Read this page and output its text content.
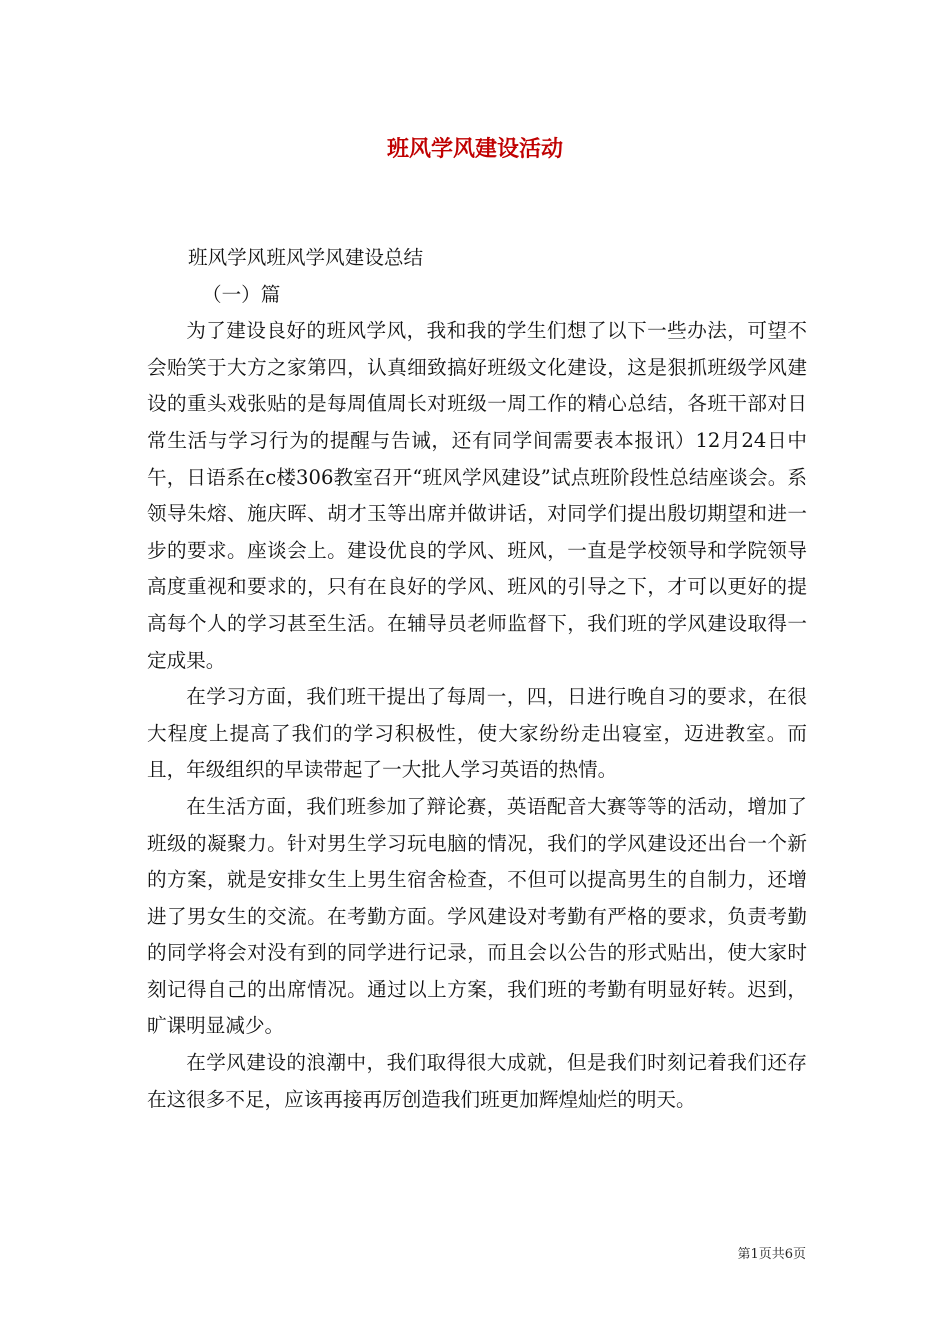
班风学风建设活动

班风学风班风学风建设总结

（一）篇

为了建设良好的班风学风，我和我的学生们想了以下一些办法，可望不会贻笑于大方之家第四，认真细致搞好班级文化建设，这是狠抓班级学风建设的重头戏张贴的是每周值周长对班级一周工作的精心总结，各班干部对日常生活与学习行为的提醒与告诫，还有同学间需要表本报讯）12月24日中午，日语系在c楼306教室召开“班风学风建设”试点班阶段性总结座谈会。系领导朱熔、施庆晖、胡才玉等出席并做讲话，对同学们提出殷切期望和进一步的要求。座谈会上。建设优良的学风、班风，一直是学校领导和学院领导高度重视和要求的，只有在良好的学风、班风的引导之下，才可以更好的提高每个人的学习甚至生活。在辅导员老师监督下，我们班的学风建设取得一定成果。

在学习方面，我们班干提出了每周一，四，日进行晚自习的要求，在很大程度上提高了我们的学习积极性，使大家纷纷走出寝室，迈进教室。而且，年级组织的早读带起了一大批人学习英语的热情。

在生活方面，我们班参加了辩论赛，英语配音大赛等等的活动，增加了班级的凝聚力。针对男生学习玩电脑的情况，我们的学风建设还出台一个新的方案，就是安排女生上男生宿舍检查，不但可以提高男生的自制力，还增进了男女生的交流。在考勤方面。学风建设对考勤有严格的要求，负责考勤的同学将会对没有到的同学进行记录，而且会以公告的形式贴出，使大家时刻记得自己的出席情况。通过以上方案，我们班的考勤有明显好转。迟到，旷课明显减少。

在学风建设的浪潮中，我们取得很大成就，但是我们时刻记着我们还存在这很多不足，应该再接再厉创造我们班更加辉煌灿烂的明天。

第1页共6页
